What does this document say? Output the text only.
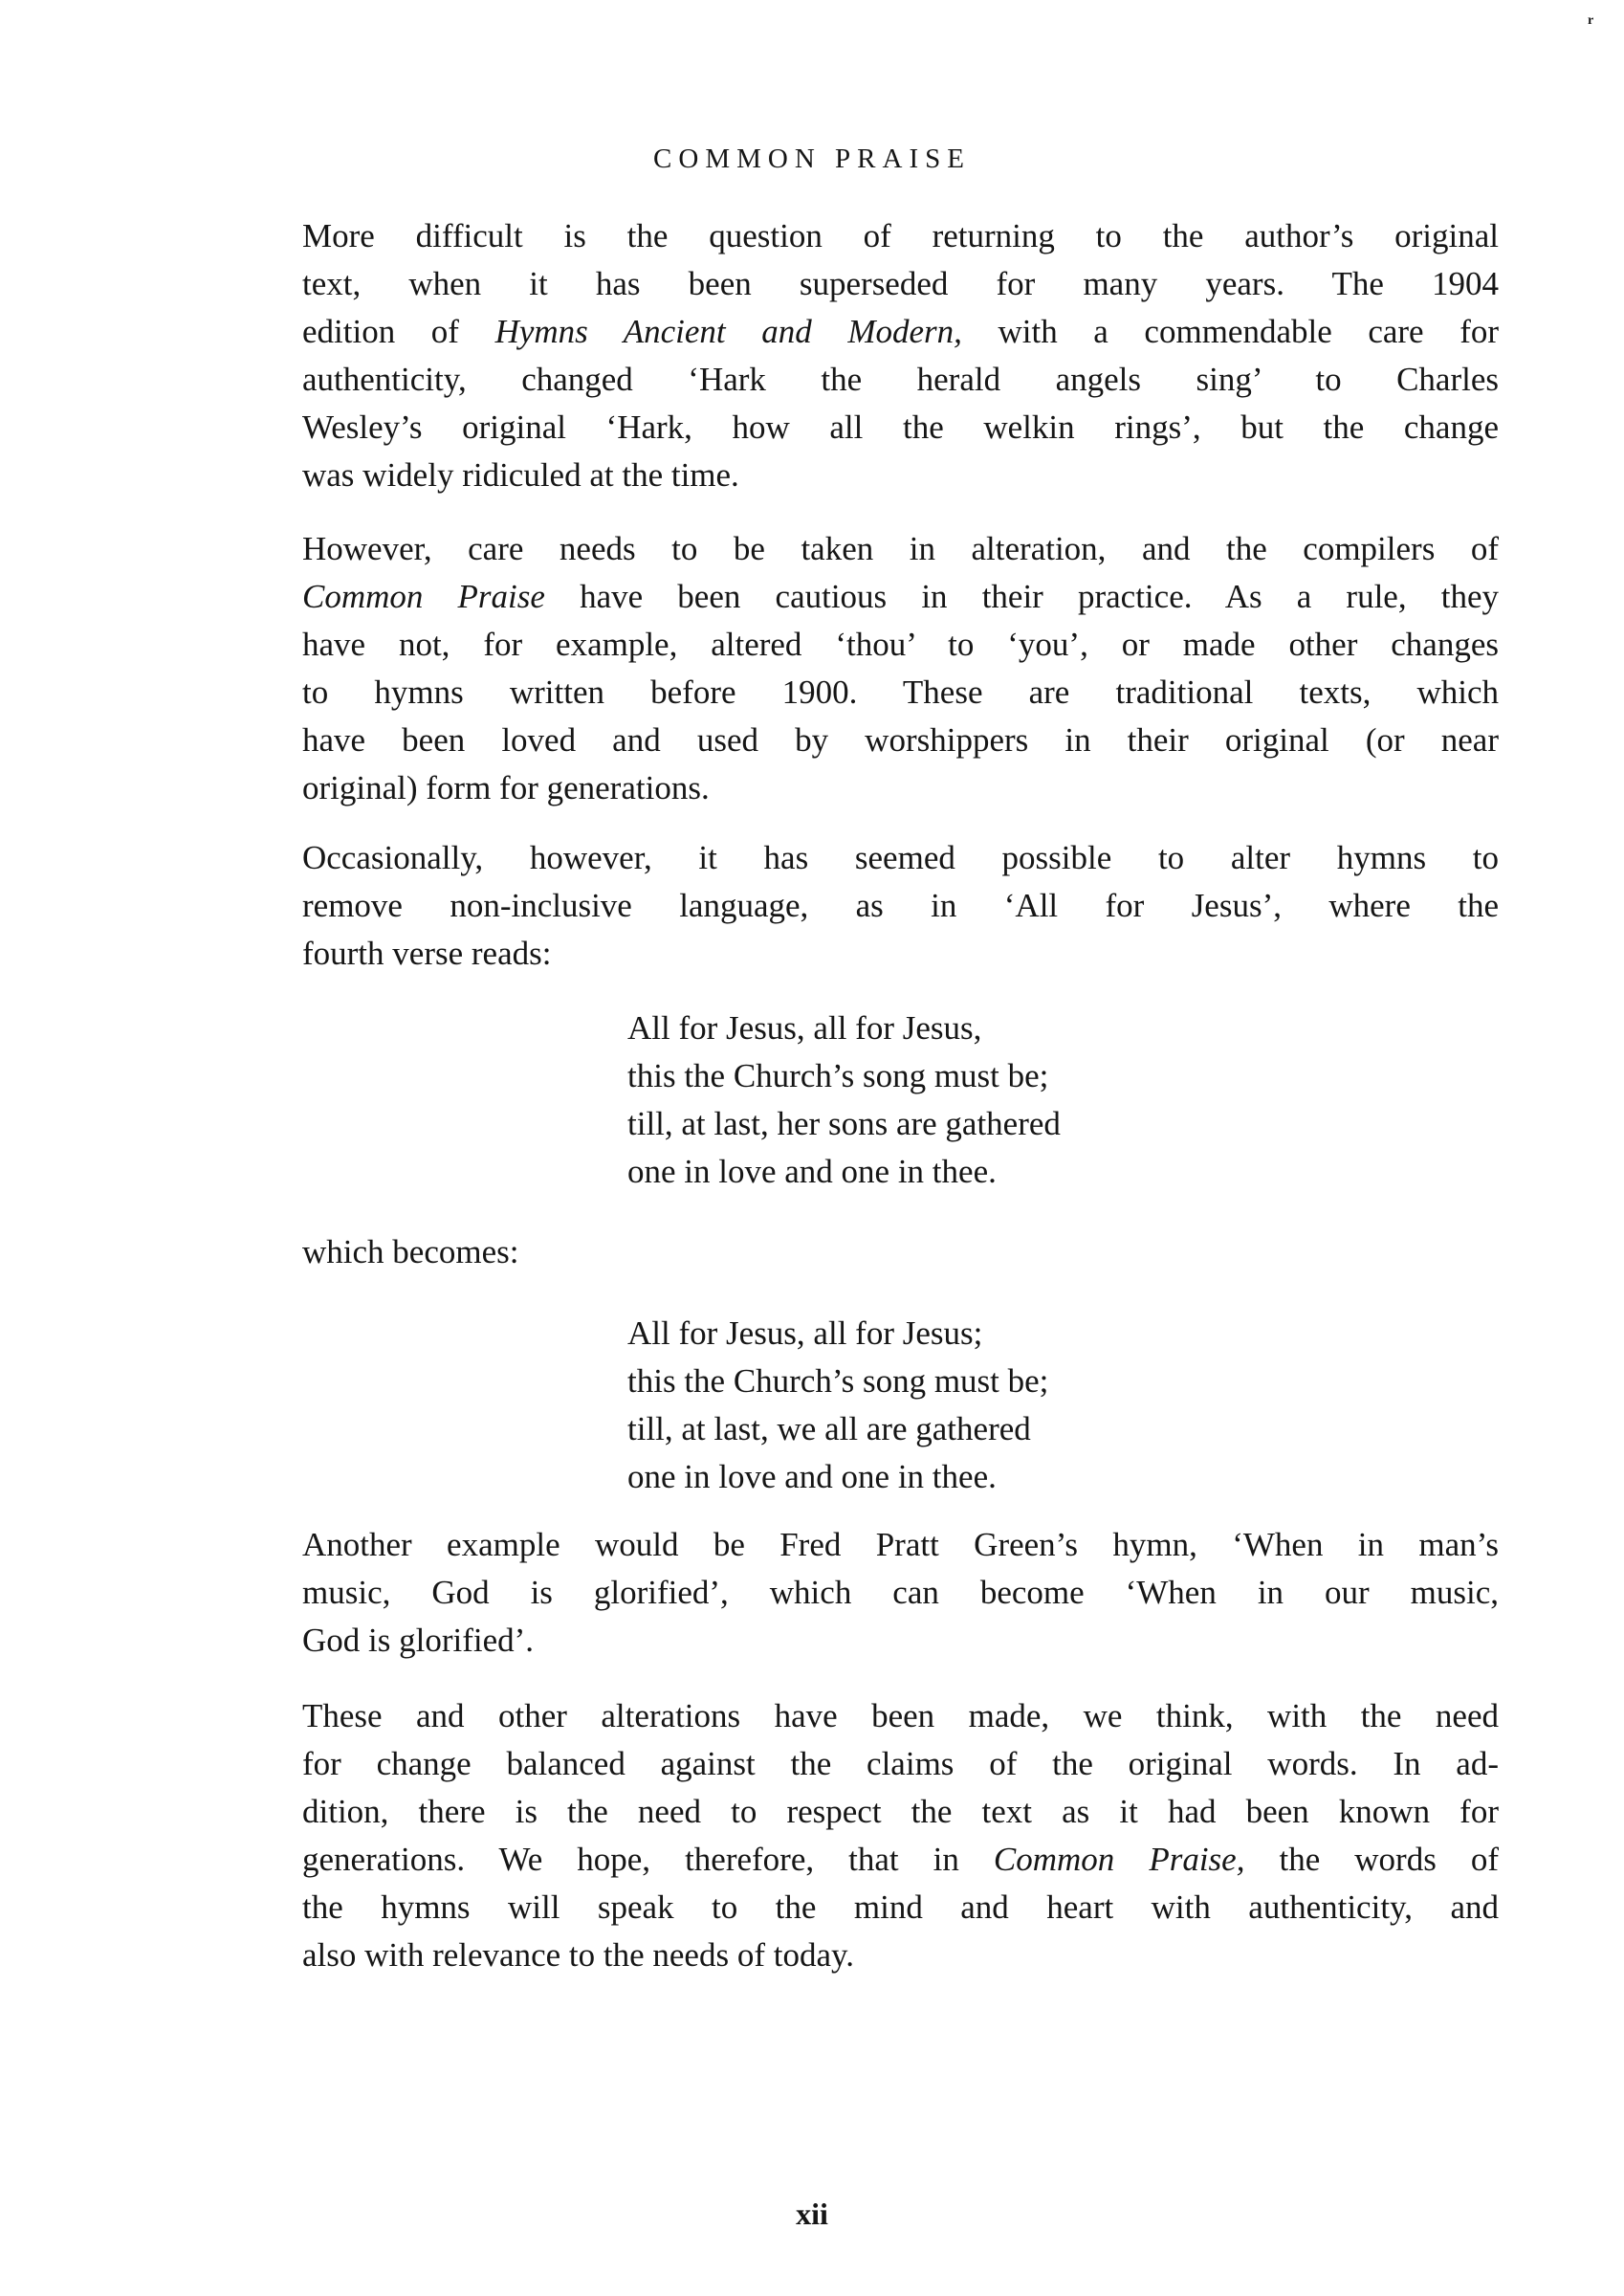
r
COMMON PRAISE
More difficult is the question of returning to the author’s original
text, when it has been superseded for many years. The 1904
edition of Hymns Ancient and Modern, with a commendable care for
authenticity, changed ‘Hark the herald angels sing’ to Charles
Wesley’s original ‘Hark, how all the welkin rings’, but the change
was widely ridiculed at the time.
However, care needs to be taken in alteration, and the compilers of
Common Praise have been cautious in their practice. As a rule, they
have not, for example, altered ‘thou’ to ‘you’, or made other changes
to hymns written before 1900. These are traditional texts, which
have been loved and used by worshippers in their original (or near
original) form for generations.
Occasionally, however, it has seemed possible to alter hymns to
remove non-inclusive language, as in ‘All for Jesus’, where the
fourth verse reads:
All for Jesus, all for Jesus,
this the Church’s song must be;
till, at last, her sons are gathered
one in love and one in thee.
which becomes:
All for Jesus, all for Jesus;
this the Church’s song must be;
till, at last, we all are gathered
one in love and one in thee.
Another example would be Fred Pratt Green’s hymn, ‘When in man’s
music, God is glorified’, which can become ‘When in our music,
God is glorified’.
These and other alterations have been made, we think, with the need
for change balanced against the claims of the original words. In ad-
dition, there is the need to respect the text as it had been known for
generations. We hope, therefore, that in Common Praise, the words of
the hymns will speak to the mind and heart with authenticity, and
also with relevance to the needs of today.
xii
